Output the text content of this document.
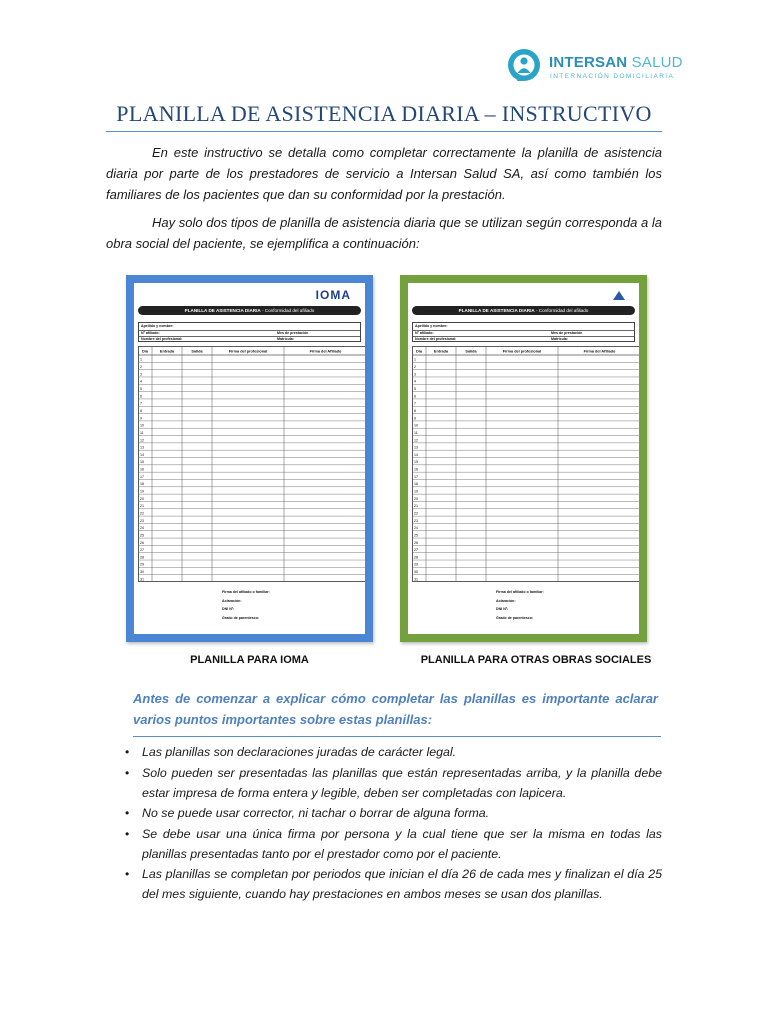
INTERSAN SALUD
INTERNACIÓN DOMICILIARIA
PLANILLA DE ASISTENCIA DIARIA – INSTRUCTIVO

En este instructivo se detalla como completar correctamente la planilla de asistencia diaria por parte de los prestadores de servicio a Intersan Salud SA, así como también los familiares de los pacientes que dan su conformidad por la prestación.

Hay solo dos tipos de planilla de asistencia diaria que se utilizan según corresponda a la obra social del paciente, se ejemplifica a continuación:

IOMA
PLANILLA DE ASISTENCIA DIARIA - Conformidad del afiliado
Apellido y nombre:
Nº afiliado:	Mes de prestación
Nombre del profesional:	Matrícula:
Día	Entrada	Salida	Firma del profesional	Firma del Afiliado
1
2
3
4
5
6
7
8
9
10
11
12
13
14
15
16
17
18
19
20
21
22
23
24
25
26
27
28
29
30
31
Firma del afiliado o familiar:
Aclaración:
DNI Nº:
Grado de parentesco:
PLANILLA DE ASISTENCIA DIARIA - Conformidad del afiliado
Apellido y nombre:
Nº afiliado:	Mes de prestación
Nombre del profesional:	Matrícula:
Día	Entrada	Salida	Firma del profesional	Firma del Afiliado
1
2
3
4
5
6
7
8
9
10
11
12
13
14
15
16
17
18
19
20
21
22
23
24
25
26
27
28
29
30
31
Firma del afiliado o familiar:
Aclaración:
DNI Nº:
Grado de parentesco:
PLANILLA PARA IOMA	PLANILLA PARA OTRAS OBRAS SOCIALES

Antes de comenzar a explicar cómo completar las planillas es importante aclarar varios puntos importantes sobre estas planillas:

• Las planillas son declaraciones juradas de carácter legal.
• Solo pueden ser presentadas las planillas que están representadas arriba, y la planilla debe estar impresa de forma entera y legible, deben ser completadas con lapicera.
• No se puede usar corrector, ni tachar o borrar de alguna forma.
• Se debe usar una única firma por persona y la cual tiene que ser la misma en todas las planillas presentadas tanto por el prestador como por el paciente.
• Las planillas se completan por periodos que inician el día 26 de cada mes y finalizan el día 25 del mes siguiente, cuando hay prestaciones en ambos meses se usan dos planillas.
